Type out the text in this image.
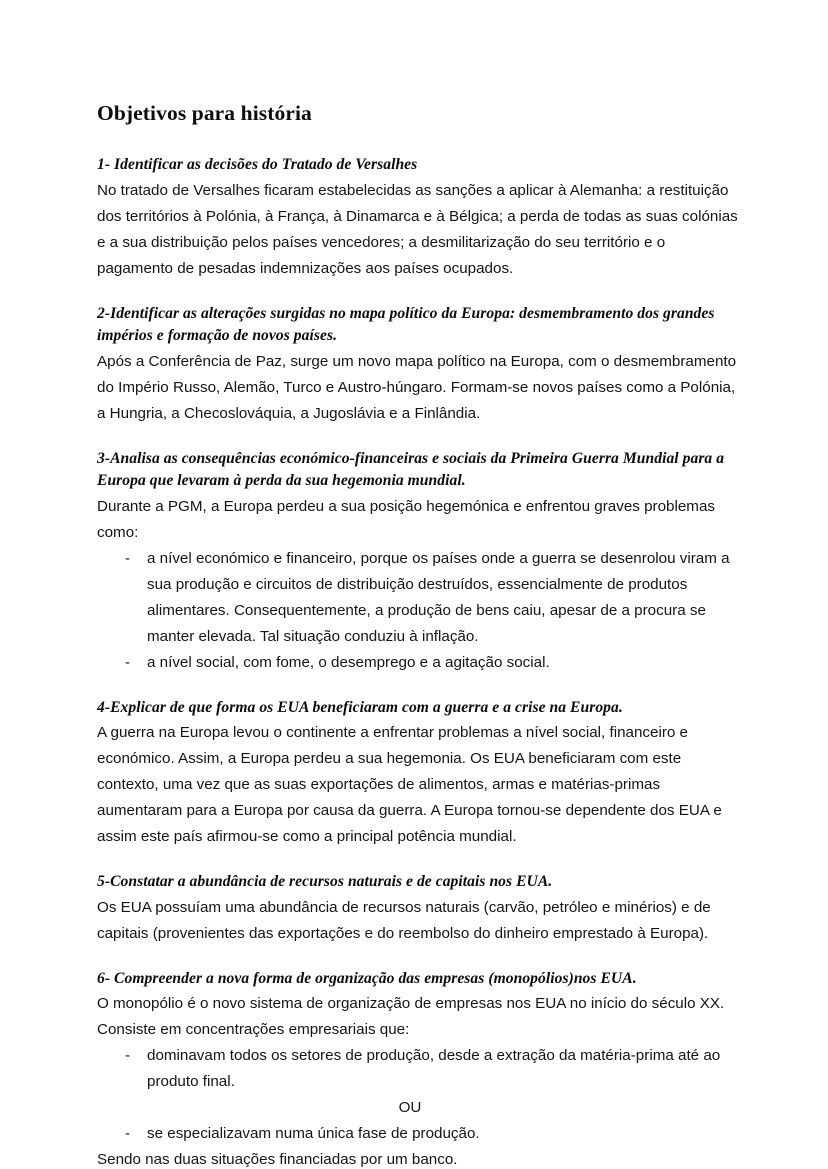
Objetivos para história
1- Identificar as decisões do Tratado de Versalhes

No tratado de Versalhes ficaram estabelecidas as sanções a aplicar à Alemanha: a restituição dos territórios à Polónia, à França, à Dinamarca e à Bélgica; a perda de todas as suas colónias e a sua distribuição pelos países vencedores; a desmilitarização do seu território e o pagamento de pesadas indemnizações aos países ocupados.

2-Identificar as alterações surgidas no mapa político da Europa: desmembramento dos grandes impérios e formação de novos países.

Após a Conferência de Paz, surge um novo mapa político na Europa, com o desmembramento do Império Russo, Alemão, Turco e Austro-húngaro. Formam-se novos países como a Polónia, a Hungria, a Checoslováquia, a Jugoslávia e a Finlândia.

3-Analisa as consequências económico-financeiras e sociais da Primeira Guerra Mundial para a Europa que levaram à perda da sua hegemonia mundial.

Durante a PGM, a Europa perdeu a sua posição hegemónica e enfrentou graves problemas como:

- a nível económico e financeiro, porque os países onde a guerra se desenrolou viram a sua produção e circuitos de distribuição destruídos, essencialmente de produtos alimentares. Consequentemente, a produção de bens caiu, apesar de a procura se manter elevada. Tal situação conduziu à inflação.
- a nível social, com fome, o desemprego e a agitação social.
4-Explicar de que forma os EUA beneficiaram com a guerra e a crise na Europa.

A guerra na Europa levou o continente a enfrentar problemas a nível social, financeiro e económico. Assim, a Europa perdeu a sua hegemonia. Os EUA beneficiaram com este contexto, uma vez que as suas exportações de alimentos, armas e matérias-primas aumentaram para a Europa por causa da guerra. A Europa tornou-se dependente dos EUA e assim este país afirmou-se como a principal potência mundial.

5-Constatar a abundância de recursos naturais e de capitais nos EUA.

Os EUA possuíam uma abundância de recursos naturais (carvão, petróleo e minérios) e de capitais (provenientes das exportações e do reembolso do dinheiro emprestado à Europa).

6- Compreender a nova forma de organização das empresas (monopólios)nos EUA.

O monopólio é o novo sistema de organização de empresas nos EUA no início do século XX. Consiste em concentrações empresariais que:

- dominavam todos os setores de produção, desde a extração da matéria-prima até ao produto final.
OU
- se especializavam numa única fase de produção.

Sendo nas duas situações financiadas por um banco.
